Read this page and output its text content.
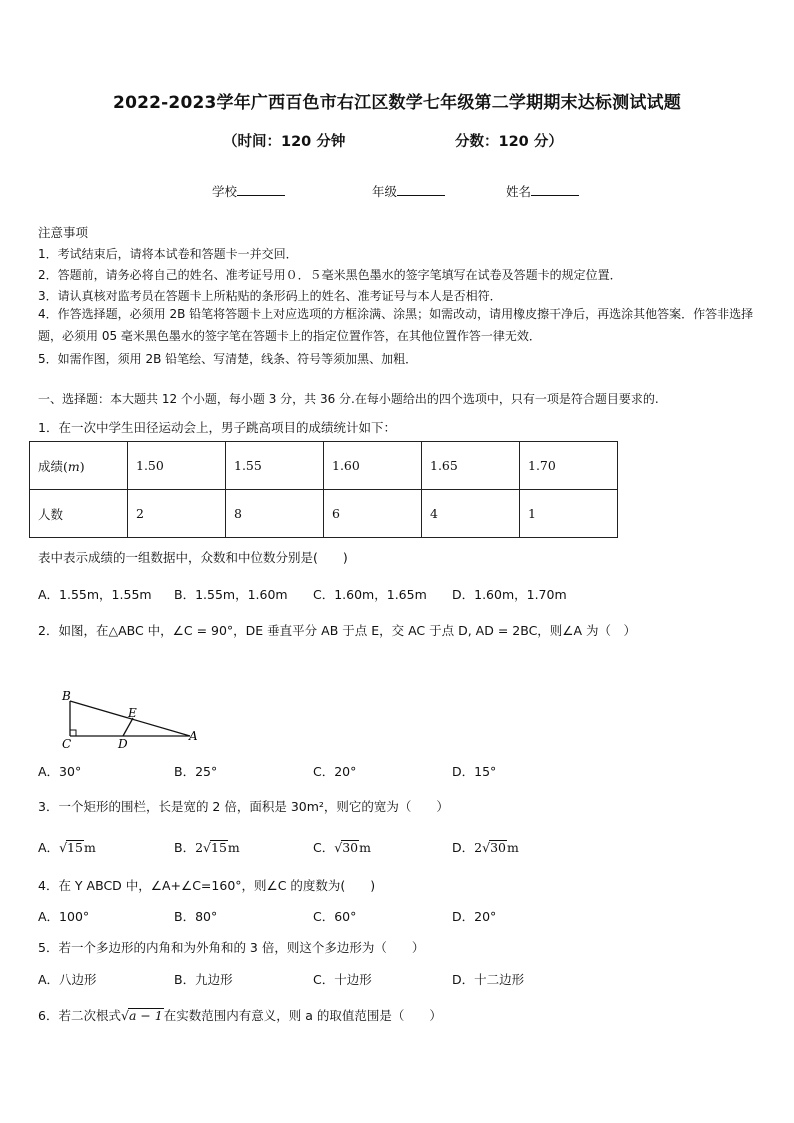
2022-2023学年广西百色市右江区数学七年级第二学期期末达标测试试题
（时间：120 分钟	分数：120 分）
学校	年级	姓名
注意事项
1．考试结束后，请将本试卷和答题卡一并交回．
2．答题前，请务必将自己的姓名、准考证号用０．５毫米黑色墨水的签字笔填写在试卷及答题卡的规定位置．
3．请认真核对监考员在答题卡上所粘贴的条形码上的姓名、准考证号与本人是否相符．
4．作答选择题，必须用 2B 铅笔将答题卡上对应选项的方框涂满、涂黑；如需改动，请用橡皮擦干净后，再选涂其他答案．作答非选择题，必须用 05 毫米黑色墨水的签字笔在答题卡上的指定位置作答，在其他位置作答一律无效．
5．如需作图，须用 2B 铅笔绘、写清楚，线条、符号等须加黑、加粗．
一、选择题：本大题共 12 个小题，每小题 3 分，共 36 分.在每小题给出的四个选项中，只有一项是符合题目要求的.
1．在一次中学生田径运动会上，男子跳高项目的成绩统计如下：
成绩(m)	1.50	1.55	1.60	1.65	1.70
人数	2	8	6	4	1
表中表示成绩的一组数据中，众数和中位数分别是(　　)
A．1.55m，1.55m B．1.55m，1.60m C．1.60m，1.65m D．1.60m，1.70m
2．如图，在△ABC 中，∠C = 90°，DE 垂直平分 AB 于点 E，交 AC 于点 D, AD = 2BC，则∠A 为（　）
B
E
C	D
A
A．30°	B．25°	C．20°	D．15°
3．一个矩形的围栏，长是宽的 2 倍，面积是 30m²，则它的宽为（　　）
A．√15m	B．2√15m	C．√30m	D．2√30m
4．在 Y ABCD 中，∠A+∠C=160°，则∠C 的度数为(　　)
A．100°	B．80°	C．60°	D．20°
5．若一个多边形的内角和为外角和的 3 倍，则这个多边形为（　　）
A．八边形	B．九边形	C．十边形	D．十二边形
6．若二次根式√a − 1在实数范围内有意义，则 a 的取值范围是（　　）
